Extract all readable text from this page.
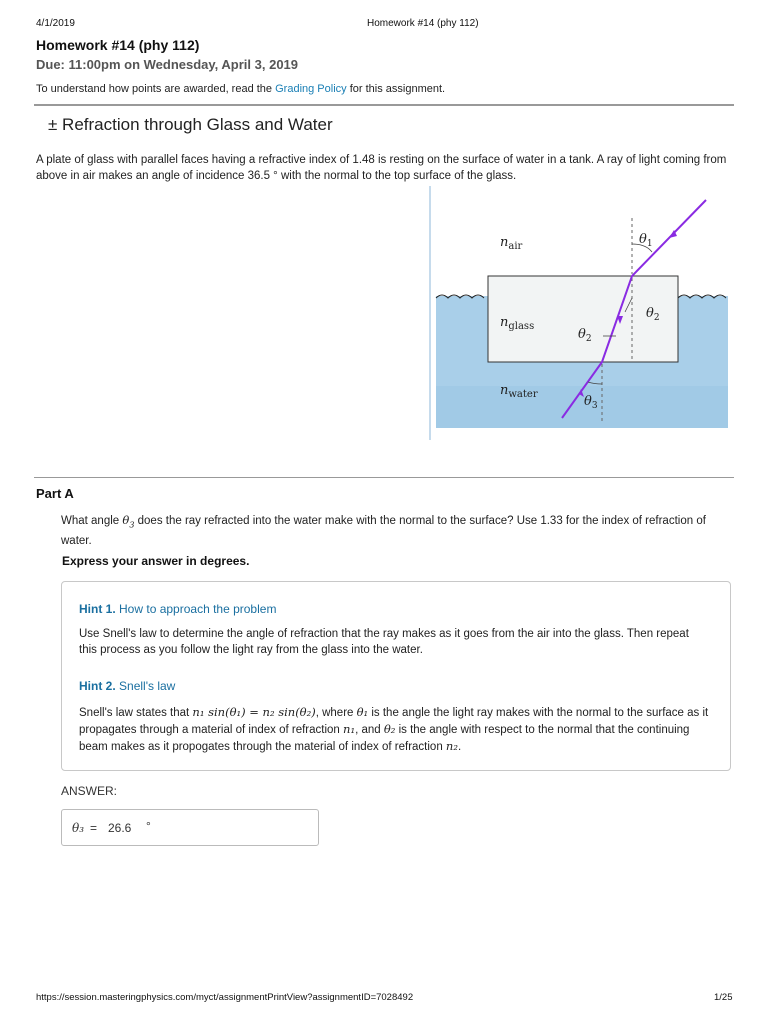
4/1/2019	Homework #14 (phy 112)
Homework #14 (phy 112)
Due: 11:00pm on Wednesday, April 3, 2019
To understand how points are awarded, read the Grading Policy for this assignment.
± Refraction through Glass and Water
A plate of glass with parallel faces having a refractive index of 1.48 is resting on the surface of water in a tank. A ray of light coming from above in air makes an angle of incidence 36.5 ° with the normal to the top surface of the glass.
$n_{air}$
$n_{glass}$
$n_{water}$
$\theta_1$
$\theta_2$
$\theta_2$
$\theta_3$
Part A
What angle $\theta_3$ does the ray refracted into the water make with the normal to the surface? Use 1.33 for the index of refraction of water.
Express your answer in degrees.
Hint 1. How to approach the problem
Use Snell's law to determine the angle of refraction that the ray makes as it goes from the air into the glass. Then repeat this process as you follow the light ray from the glass into the water.
Hint 2. Snell's law
Snell's law states that n₁ sin(θ₁) = n₂ sin(θ₂), where θ₁ is the angle the light ray makes with the normal to the surface as it propagates through a material of index of refraction n₁, and θ₂ is the angle with respect to the normal that the continuing beam makes as it propogates through the material of index of refraction n₂.
ANSWER:
θ₃ = 26.6 °
https://session.masteringphysics.com/myct/assignmentPrintView?assignmentID=7028492	1/25
